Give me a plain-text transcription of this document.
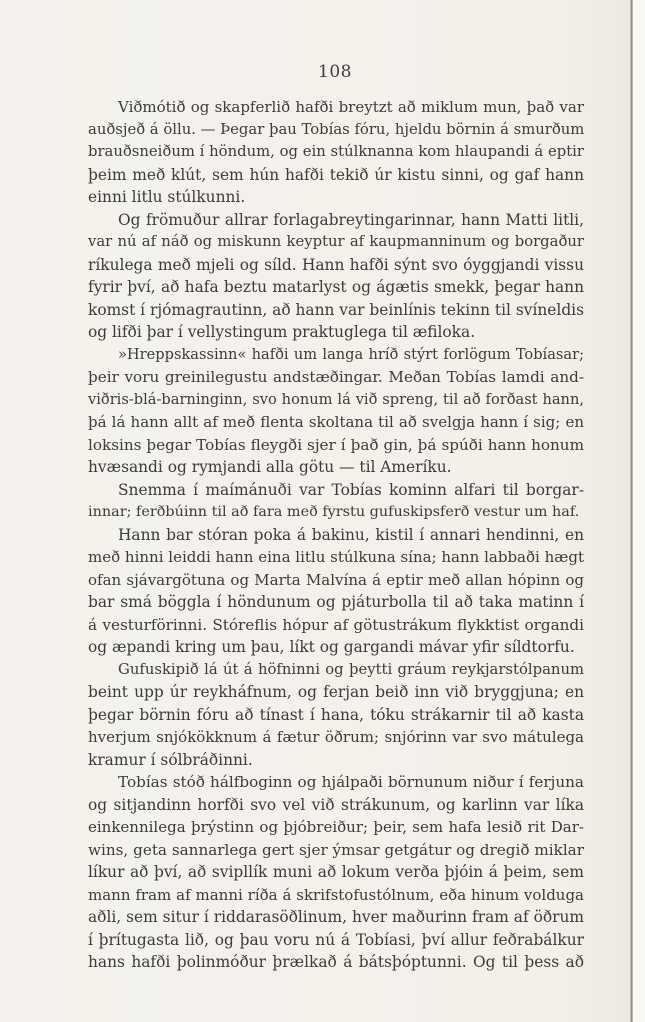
108
Viðmótið og skapferlið hafði breytzt að miklum mun, það var
auðsjeð á öllu. — Þegar þau Tobías fóru, hjeldu börnin á smurðum
brauðsneiðum í höndum, og ein stúlknanna kom hlaupandi á eptir
þeim með klút, sem hún hafði tekið úr kistu sinni, og gaf hann
einni litlu stúlkunni.
Og frömuður allrar forlagabreytingarinnar, hann Matti litli,
var nú af náð og miskunn keyptur af kaupmanninum og borgaður
ríkulega með mjeli og síld. Hann hafði sýnt svo óyggjandi vissu
fyrir því, að hafa beztu matarlyst og ágætis smekk, þegar hann
komst í rjómagrautinn, að hann var beinlínis tekinn til svíneldis
og lifði þar í vellystingum praktuglega til æfiloka.
»Hreppskassinn« hafði um langa hríð stýrt forlögum Tobíasar;
þeir voru greinilegustu andstæðingar. Meðan Tobías lamdi and-
viðris-blá-barninginn, svo honum lá við spreng, til að forðast hann,
þá lá hann allt af með flenta skoltana til að svelgja hann í sig; en
loksins þegar Tobías fleygði sjer í það gin, þá spúði hann honum
hvæsandi og rymjandi alla götu — til Ameríku.
Snemma í maímánuði var Tobías kominn alfari til borgar-
innar; ferðbúinn til að fara með fyrstu gufuskipsferð vestur um haf.
Hann bar stóran poka á bakinu, kistil í annari hendinni, en
með hinni leiddi hann eina litlu stúlkuna sína; hann labbaði hægt
ofan sjávargötuna og Marta Malvína á eptir með allan hópinn og
bar smá böggla í höndunum og pjáturbolla til að taka matinn í
á vesturförinni. Stóreflis hópur af götustrákum flykktist organdi
og æpandi kring um þau, líkt og gargandi mávar yfir síldtorfu.
Gufuskipið lá út á höfninni og þeytti gráum reykjarstólpanum
beint upp úr reykháfnum, og ferjan beið inn við bryggjuna; en
þegar börnin fóru að tínast í hana, tóku strákarnir til að kasta
hverjum snjókökknum á fætur öðrum; snjórinn var svo mátulega
kramur í sólbráðinni.
Tobías stóð hálfboginn og hjálpaði börnunum niður í ferjuna
og sitjandinn horfði svo vel við strákunum, og karlinn var líka
einkennilega þrýstinn og þjóbreiður; þeir, sem hafa lesið rit Dar-
wins, geta sannarlega gert sjer ýmsar getgátur og dregið miklar
líkur að því, að svipllík muni að lokum verða þjóin á þeim, sem
mann fram af manni ríða á skrifstofustólnum, eða hinum volduga
aðli, sem situr í riddarasöðlinum, hver maðurinn fram af öðrum
í þrítugasta lið, og þau voru nú á Tobíasi, því allur feðrabálkur
hans hafði þolinmóður þrælkað á bátsþóptunni. Og til þess að
